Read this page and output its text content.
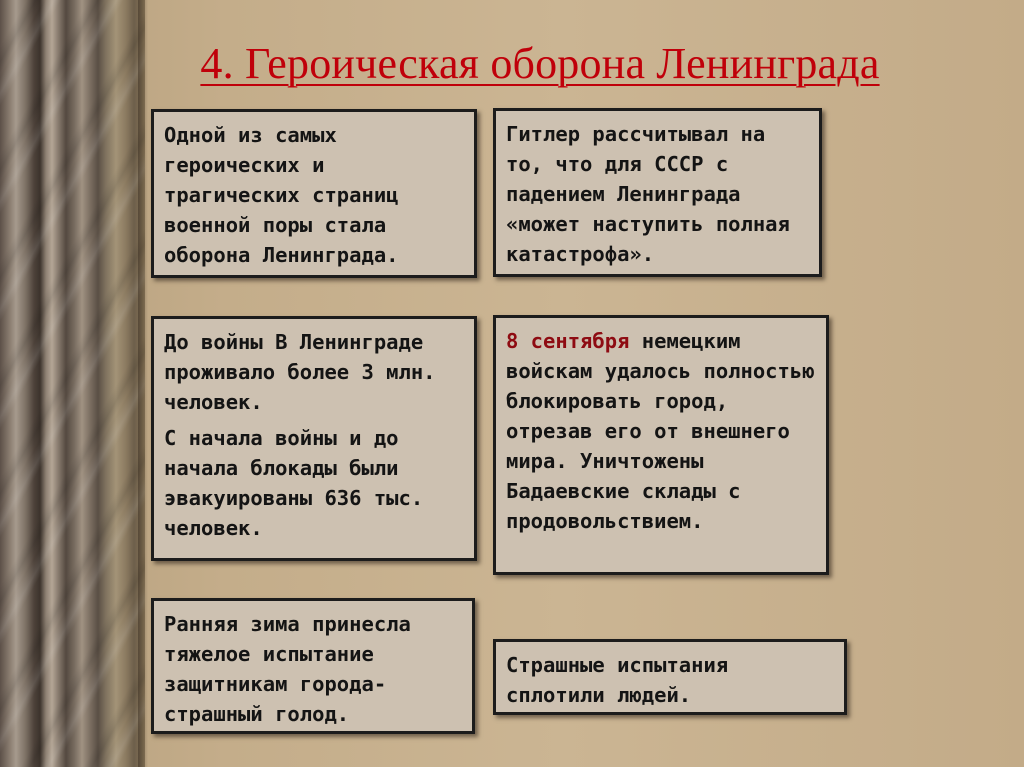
4. Героическая оборона Ленинграда

Одной из самых героических и трагических страниц военной поры стала оборона Ленинграда.

Гитлер рассчитывал на то, что для СССР с падением Ленинграда «может наступить полная катастрофа».

До войны В Ленинграде проживало более 3 млн. человек.

С начала войны и до начала блокады были эвакуированы 636 тыс. человек.

8 сентября немецким войскам удалось полностью блокировать город, отрезав его от внешнего мира. Уничтожены Бадаевские склады с продовольствием.

Ранняя зима принесла тяжелое испытание защитникам города-страшный голод.

Страшные испытания сплотили людей.
